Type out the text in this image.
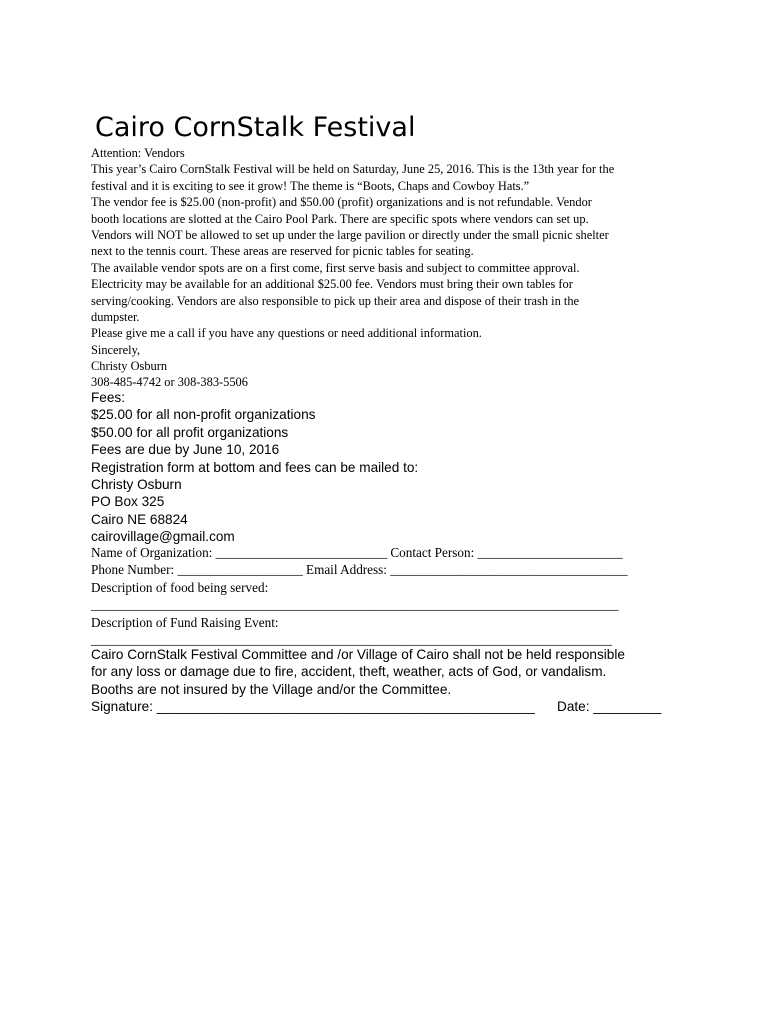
Cairo CornStalk Festival
Attention: Vendors
This year’s Cairo CornStalk Festival will be held on Saturday, June 25, 2016. This is the 13th year for the
festival and it is exciting to see it grow! The theme is “Boots, Chaps and Cowboy Hats.”
The vendor fee is $25.00 (non-profit) and $50.00 (profit) organizations and is not refundable. Vendor
booth locations are slotted at the Cairo Pool Park. There are specific spots where vendors can set up.
Vendors will NOT be allowed to set up under the large pavilion or directly under the small picnic shelter
next to the tennis court. These areas are reserved for picnic tables for seating.
The available vendor spots are on a first come, first serve basis and subject to committee approval.
Electricity may be available for an additional $25.00 fee. Vendors must bring their own tables for
serving/cooking. Vendors are also responsible to pick up their area and dispose of their trash in the
dumpster.
Please give me a call if you have any questions or need additional information.
Sincerely,
Christy Osburn
308-485-4742 or 308-383-5506
Fees:
$25.00 for all non-profit organizations
$50.00 for all profit organizations
Fees are due by June 10, 2016
Registration form at bottom and fees can be mailed to:
Christy Osburn
PO Box 325
Cairo NE 68824
cairovillage@gmail.com
Name of Organization: __________________________ Contact Person: ______________________
Phone Number: ___________________ Email Address: ____________________________________
Description of food being served:
________________________________________________________________________________
Description of Fund Raising Event:
_______________________________________________________________________________
Cairo CornStalk Festival Committee and /or Village of Cairo shall not be held responsible
for any loss or damage due to fire, accident, theft, weather, acts of God, or vandalism.
Booths are not insured by the Village and/or the Committee.
Signature: __________________________________________________ Date: _________
